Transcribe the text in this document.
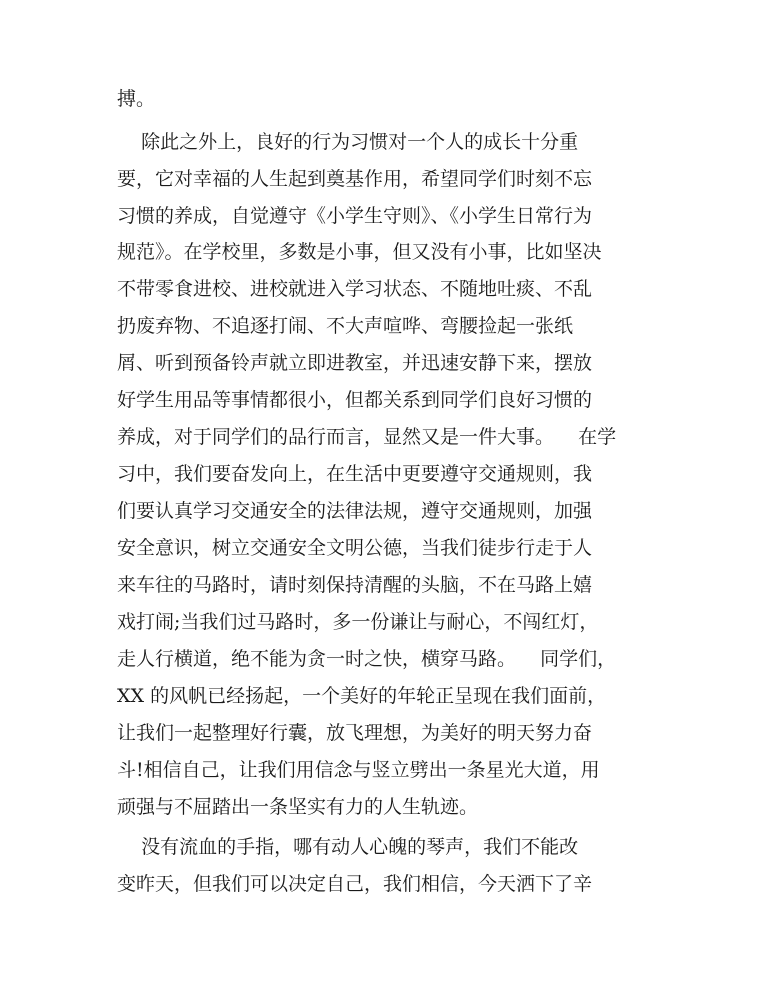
搏。
除此之外上，良好的行为习惯对一个人的成长十分重
要，它对幸福的人生起到奠基作用，希望同学们时刻不忘
习惯的养成，自觉遵守《小学生守则》、《小学生日常行为
规范》。在学校里，多数是小事，但又没有小事，比如坚决
不带零食进校、进校就进入学习状态、不随地吐痰、不乱
扔废弃物、不追逐打闹、不大声喧哗、弯腰捡起一张纸
屑、听到预备铃声就立即进教室，并迅速安静下来，摆放
好学生用品等事情都很小，但都关系到同学们良好习惯的
养成，对于同学们的品行而言，显然又是一件大事。    在学
习中，我们要奋发向上，在生活中更要遵守交通规则，我
们要认真学习交通安全的法律法规，遵守交通规则，加强
安全意识，树立交通安全文明公德，当我们徒步行走于人
来车往的马路时，请时刻保持清醒的头脑，不在马路上嬉
戏打闹;当我们过马路时，多一份谦让与耐心，不闯红灯，
走人行横道，绝不能为贪一时之快，横穿马路。    同学们，
XX 的风帆已经扬起，一个美好的年轮正呈现在我们面前，
让我们一起整理好行囊，放飞理想，为美好的明天努力奋
斗!相信自己，让我们用信念与竖立劈出一条星光大道，用
顽强与不屈踏出一条坚实有力的人生轨迹。
没有流血的手指，哪有动人心魄的琴声，我们不能改
变昨天，但我们可以决定自己，我们相信，今天洒下了辛
